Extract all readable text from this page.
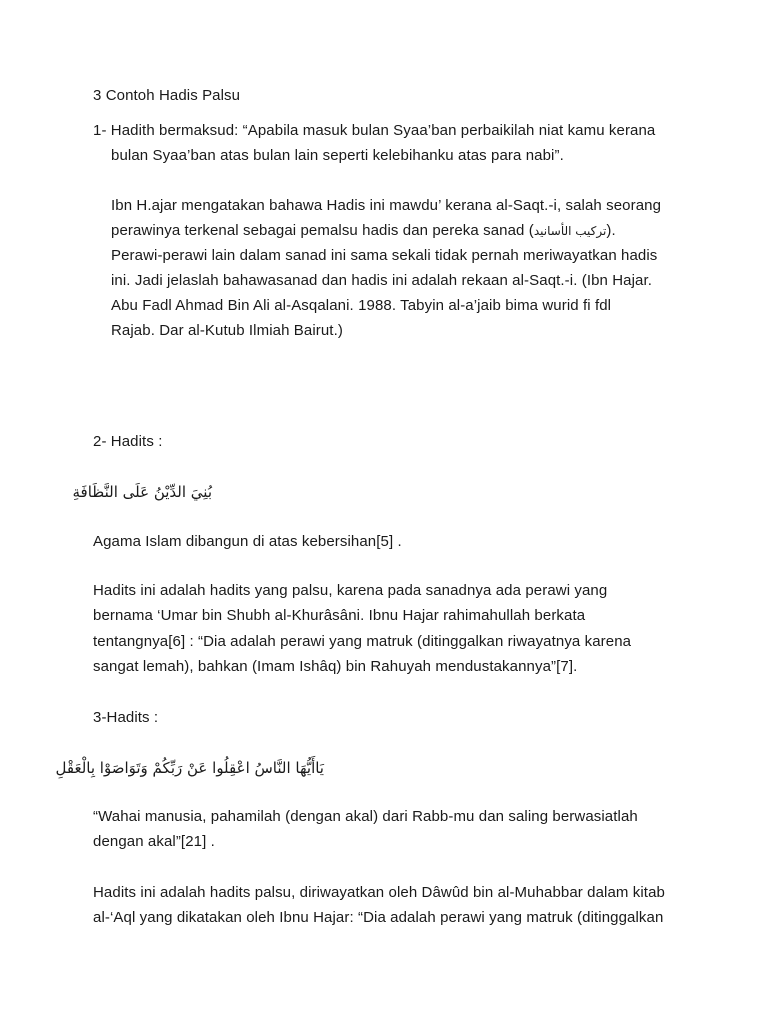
3 Contoh Hadis Palsu
1- Hadith bermaksud: “Apabila masuk bulan Syaa’ban perbaikilah niat kamu kerana
bulan Syaa’ban atas bulan lain seperti kelebihanku atas para nabi”.
Ibn H.ajar mengatakan bahawa Hadis ini mawdu’ kerana al-Saqt.-i, salah seorang
perawinya terkenal sebagai pemalsu hadis dan pereka sanad (تركيب الأسانيد).
Perawi-perawi lain dalam sanad ini sama sekali tidak pernah meriwayatkan hadis
ini. Jadi jelaslah bahawasanad dan hadis ini adalah rekaan al-Saqt.-i. (Ibn Hajar.
Abu Fadl Ahmad Bin Ali al-Asqalani. 1988. Tabyin al-a’jaib bima wurid fi fdl
Rajab. Dar al-Kutub Ilmiah Bairut.)
2- Hadits :
بُنِيَ الدِّيْنُ عَلَى النَّظَافَةِ
Agama Islam dibangun di atas kebersihan[5] .
Hadits ini adalah hadits yang palsu, karena pada sanadnya ada perawi yang
bernama ‘Umar bin Shubh al-Khurâsâni. Ibnu Hajar rahimahullah berkata
tentangnya[6] : “Dia adalah perawi yang matruk (ditinggalkan riwayatnya karena
sangat lemah), bahkan (Imam Ishâq) bin Rahuyah mendustakannya”[7].
3-Hadits :
يَاأَيُّهَا النَّاسُ اعْقِلُوا عَنْ رَبِّكُمْ وَتَوَاصَوْا بِالْعَقْلِ
“Wahai manusia, pahamilah (dengan akal) dari Rabb-mu dan saling berwasiatlah
dengan akal”[21] .
Hadits ini adalah hadits palsu, diriwayatkan oleh Dâwûd bin al-Muhabbar dalam kitab
al-‘Aql yang dikatakan oleh Ibnu Hajar: “Dia adalah perawi yang matruk (ditinggalkan
